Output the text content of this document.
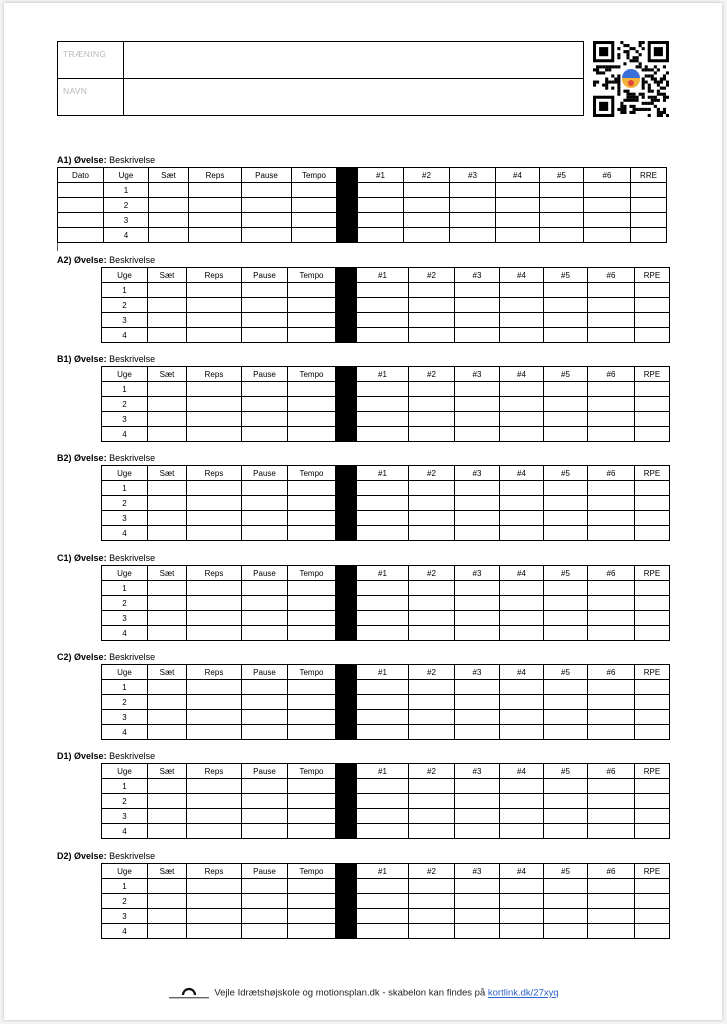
TRÆNING
NAVN
A1) Øvelse: Beskrivelse
Dato	Uge	Sæt	Reps	Pause	Tempo		#1	#2	#3	#4	#5	#6	RRE
	1												
	2												
	3												
	4												
A2) Øvelse: Beskrivelse
Uge	Sæt	Reps	Pause	Tempo		#1	#2	#3	#4	#5	#6	RPE
1												
2												
3												
4												
B1) Øvelse: Beskrivelse
Uge	Sæt	Reps	Pause	Tempo		#1	#2	#3	#4	#5	#6	RPE
1												
2												
3												
4												
B2) Øvelse: Beskrivelse
Uge	Sæt	Reps	Pause	Tempo		#1	#2	#3	#4	#5	#6	RPE
1												
2												
3												
4												
C1) Øvelse: Beskrivelse
Uge	Sæt	Reps	Pause	Tempo		#1	#2	#3	#4	#5	#6	RPE
1												
2												
3												
4												
C2) Øvelse: Beskrivelse
Uge	Sæt	Reps	Pause	Tempo		#1	#2	#3	#4	#5	#6	RPE
1												
2												
3												
4												
D1) Øvelse: Beskrivelse
Uge	Sæt	Reps	Pause	Tempo		#1	#2	#3	#4	#5	#6	RPE
1												
2												
3												
4												
D2) Øvelse: Beskrivelse
Uge	Sæt	Reps	Pause	Tempo		#1	#2	#3	#4	#5	#6	RPE
1												
2												
3												
4												
Vejle Idrætshøjskole og motionsplan.dk - skabelon kan findes på kortlink.dk/27xyq
